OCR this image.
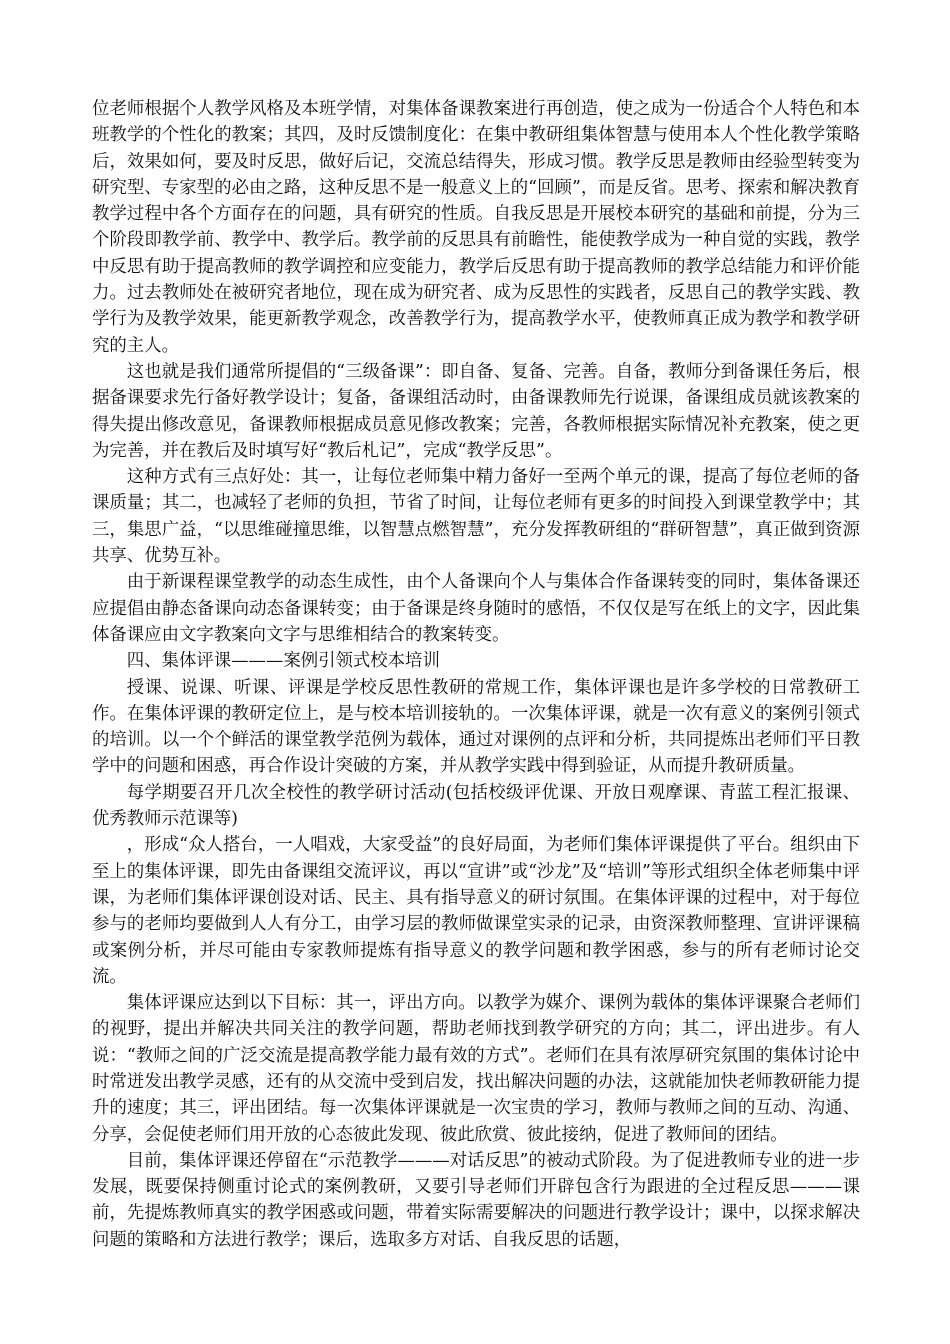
位老师根据个人教学风格及本班学情，对集体备课教案进行再创造，使之成为一份适合个人特色和本班教学的个性化的教案；其四，及时反馈制度化：在集中教研组集体智慧与使用本人个性化教学策略后，效果如何，要及时反思，做好后记，交流总结得失，形成习惯。教学反思是教师由经验型转变为研究型、专家型的必由之路，这种反思不是一般意义上的“回顾”，而是反省。思考、探索和解决教育教学过程中各个方面存在的问题，具有研究的性质。自我反思是开展校本研究的基础和前提，分为三个阶段即教学前、教学中、教学后。教学前的反思具有前瞻性，能使教学成为一种自觉的实践，教学中反思有助于提高教师的教学调控和应变能力，教学后反思有助于提高教师的教学总结能力和评价能力。过去教师处在被研究者地位，现在成为研究者、成为反思性的实践者，反思自己的教学实践、教学行为及教学效果，能更新教学观念，改善教学行为，提高教学水平，使教师真正成为教学和教学研究的主人。

这也就是我们通常所提倡的“三级备课”：即自备、复备、完善。自备，教师分到备课任务后，根据备课要求先行备好教学设计；复备，备课组活动时，由备课教师先行说课，备课组成员就该教案的得失提出修改意见，备课教师根据成员意见修改教案；完善，各教师根据实际情况补充教案，使之更为完善，并在教后及时填写好“教后札记”，完成“教学反思”。

这种方式有三点好处：其一，让每位老师集中精力备好一至两个单元的课，提高了每位老师的备课质量；其二，也减轻了老师的负担，节省了时间，让每位老师有更多的时间投入到课堂教学中；其三，集思广益，“以思维碰撞思维，以智慧点燃智慧”，充分发挥教研组的“群研智慧”，真正做到资源共享、优势互补。

由于新课程课堂教学的动态生成性，由个人备课向个人与集体合作备课转变的同时，集体备课还应提倡由静态备课向动态备课转变；由于备课是终身随时的感悟，不仅仅是写在纸上的文字，因此集体备课应由文字教案向文字与思维相结合的教案转变。

四、集体评课———案例引领式校本培训

授课、说课、听课、评课是学校反思性教研的常规工作，集体评课也是许多学校的日常教研工作。在集体评课的教研定位上，是与校本培训接轨的。一次集体评课，就是一次有意义的案例引领式的培训。以一个个鲜活的课堂教学范例为载体，通过对课例的点评和分析，共同提炼出老师们平日教学中的问题和困惑，再合作设计突破的方案，并从教学实践中得到验证，从而提升教研质量。

每学期要召开几次全校性的教学研讨活动(包括校级评优课、开放日观摩课、青蓝工程汇报课、优秀教师示范课等)

，形成“众人搭台，一人唱戏，大家受益”的良好局面，为老师们集体评课提供了平台。组织由下至上的集体评课，即先由备课组交流评议，再以“宣讲”或“沙龙”及“培训”等形式组织全体老师集中评课，为老师们集体评课创设对话、民主、具有指导意义的研讨氛围。在集体评课的过程中，对于每位参与的老师均要做到人人有分工，由学习层的教师做课堂实录的记录，由资深教师整理、宣讲评课稿或案例分析，并尽可能由专家教师提炼有指导意义的教学问题和教学困惑，参与的所有老师讨论交流。

集体评课应达到以下目标：其一，评出方向。以教学为媒介、课例为载体的集体评课聚合老师们的视野，提出并解决共同关注的教学问题，帮助老师找到教学研究的方向；其二，评出进步。有人说：“教师之间的广泛交流是提高教学能力最有效的方式”。老师们在具有浓厚研究氛围的集体讨论中时常迸发出教学灵感，还有的从交流中受到启发，找出解决问题的办法，这就能加快老师教研能力提升的速度；其三，评出团结。每一次集体评课就是一次宝贵的学习，教师与教师之间的互动、沟通、分享，会促使老师们用开放的心态彼此发现、彼此欣赏、彼此接纳，促进了教师间的团结。

目前，集体评课还停留在“示范教学———对话反思”的被动式阶段。为了促进教师专业的进一步发展，既要保持侧重讨论式的案例教研，又要引导老师们开辟包含行为跟进的全过程反思———课前，先提炼教师真实的教学困惑或问题，带着实际需要解决的问题进行教学设计；课中，以探求解决问题的策略和方法进行教学；课后，选取多方对话、自我反思的话题，
